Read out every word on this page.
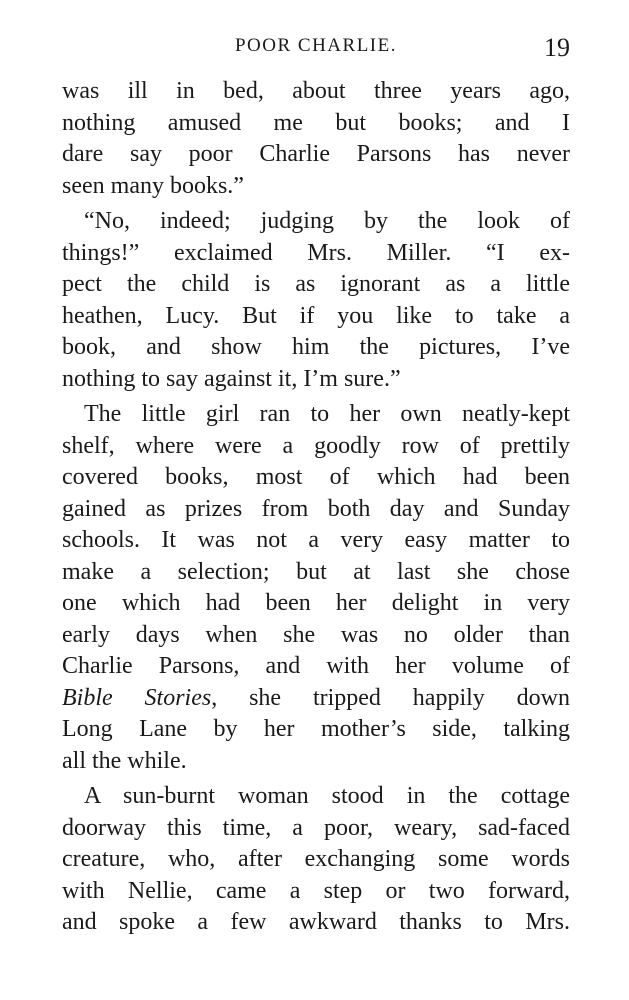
POOR CHARLIE.	19
was ill in bed, about three years ago,
nothing amused me but books; and I
dare say poor Charlie Parsons has never
seen many books.”
“No, indeed; judging by the look of
things!” exclaimed Mrs. Miller. “I ex-
pect the child is as ignorant as a little
heathen, Lucy. But if you like to take a
book, and show him the pictures, I’ve
nothing to say against it, I’m sure.”
The little girl ran to her own neatly-kept
shelf, where were a goodly row of prettily
covered books, most of which had been
gained as prizes from both day and Sunday
schools. It was not a very easy matter to
make a selection; but at last she chose
one which had been her delight in very
early days when she was no older than
Charlie Parsons, and with her volume of
Bible Stories, she tripped happily down
Long Lane by her mother’s side, talking
all the while.
A sun-burnt woman stood in the cottage
doorway this time, a poor, weary, sad-faced
creature, who, after exchanging some words
with Nellie, came a step or two forward,
and spoke a few awkward thanks to Mrs.
